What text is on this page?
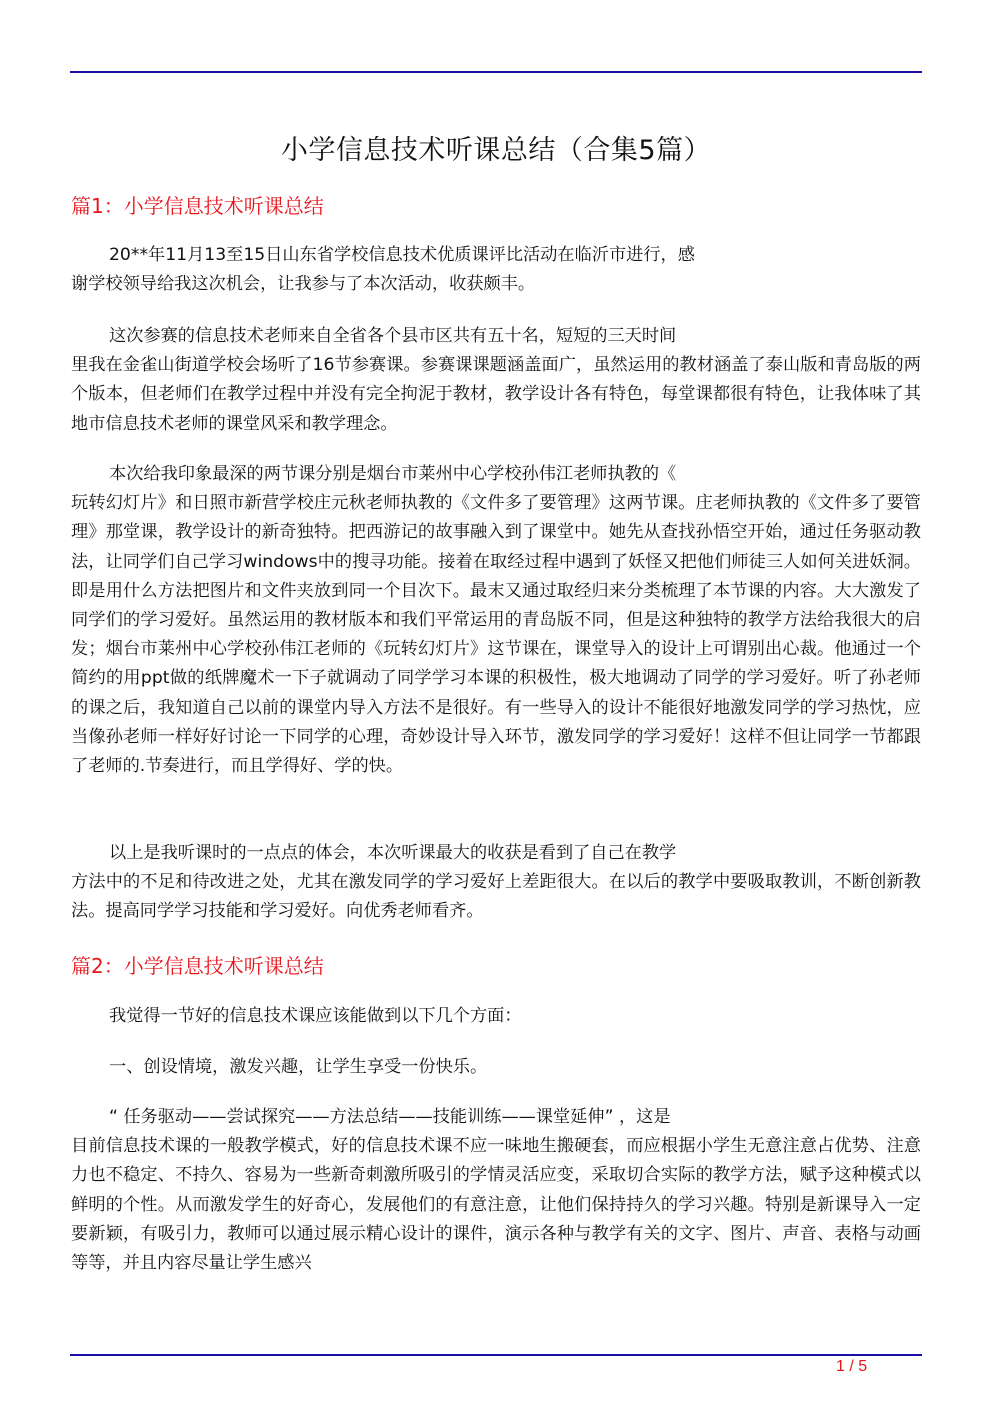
小学信息技术听课总结（合集5篇）
篇1：小学信息技术听课总结
20**年11月13至15日山东省学校信息技术优质课评比活动在临沂市进行，感
谢学校领导给我这次机会，让我参与了本次活动，收获颇丰。
这次参赛的信息技术老师来自全省各个县市区共有五十名，短短的三天时间
里我在金雀山街道学校会场听了16节参赛课。参赛课课题涵盖面广，虽然运用的教材涵盖了泰山版和青岛版的两个版本，但老师们在教学过程中并没有完全拘泥于教材，教学设计各有特色，每堂课都很有特色，让我体味了其地市信息技术老师的课堂风采和教学理念。
本次给我印象最深的两节课分别是烟台市莱州中心学校孙伟江老师执教的《
玩转幻灯片》和日照市新营学校庄元秋老师执教的《文件多了要管理》这两节课。庄老师执教的《文件多了要管理》那堂课，教学设计的新奇独特。把西游记的故事融入到了课堂中。她先从查找孙悟空开始，通过任务驱动教法，让同学们自己学习windows中的搜寻功能。接着在取经过程中遇到了妖怪又把他们师徒三人如何关进妖洞。即是用什么方法把图片和文件夹放到同一个目次下。最末又通过取经归来分类梳理了本节课的内容。大大激发了同学们的学习爱好。虽然运用的教材版本和我们平常运用的青岛版不同，但是这种独特的教学方法给我很大的启发；烟台市莱州中心学校孙伟江老师的《玩转幻灯片》这节课在，课堂导入的设计上可谓别出心裁。他通过一个简约的用ppt做的纸牌魔术一下子就调动了同学学习本课的积极性，极大地调动了同学的学习爱好。听了孙老师的课之后，我知道自己以前的课堂内导入方法不是很好。有一些导入的设计不能很好地激发同学的学习热忱，应当像孙老师一样好好讨论一下同学的心理，奇妙设计导入环节，激发同学的学习爱好！这样不但让同学一节都跟了老师的.节奏进行，而且学得好、学的快。
以上是我听课时的一点点的体会，本次听课最大的收获是看到了自己在教学
方法中的不足和待改进之处，尤其在激发同学的学习爱好上差距很大。在以后的教学中要吸取教训，不断创新教法。提高同学学习技能和学习爱好。向优秀老师看齐。
篇2：小学信息技术听课总结
我觉得一节好的信息技术课应该能做到以下几个方面：
一、创设情境，激发兴趣，让学生享受一份快乐。
“ 任务驱动——尝试探究——方法总结——技能训练——课堂延伸” ，这是
目前信息技术课的一般教学模式，好的信息技术课不应一味地生搬硬套，而应根据小学生无意注意占优势、注意力也不稳定、不持久、容易为一些新奇刺激所吸引的学情灵活应变，采取切合实际的教学方法，赋予这种模式以鲜明的个性。从而激发学生的好奇心，发展他们的有意注意，让他们保持持久的学习兴趣。特别是新课导入一定要新颖，有吸引力，教师可以通过展示精心设计的课件，演示各种与教学有关的文字、图片、声音、表格与动画等等，并且内容尽量让学生感兴
1 / 5
